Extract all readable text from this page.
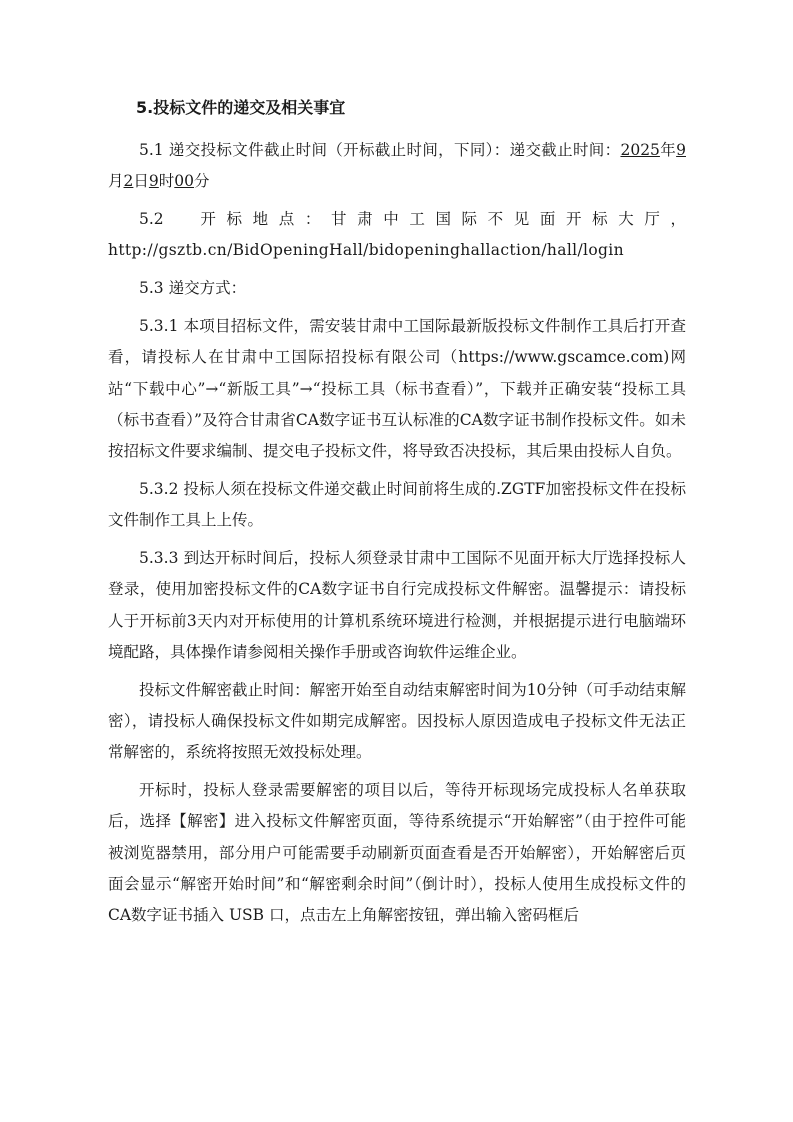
5.投标文件的递交及相关事宜

5.1 递交投标文件截止时间（开标截止时间，下同）：递交截止时间：2025年9月2日9时00分

5.2　开标地点：甘肃中工国际不见面开标大厅，

http://gsztb.cn/BidOpeningHall/bidopeninghallaction/hall/login

5.3 递交方式：

5.3.1 本项目招标文件，需安装甘肃中工国际最新版投标文件制作工具后打开查看，请投标人在甘肃中工国际招投标有限公司（https://www.gscamce.com)网站“下载中心”→“新版工具”→“投标工具（标书查看）”，下载并正确安装“投标工具（标书查看）”及符合甘肃省CA数字证书互认标准的CA数字证书制作投标文件。如未按招标文件要求编制、提交电子投标文件，将导致否决投标，其后果由投标人自负。

5.3.2 投标人须在投标文件递交截止时间前将生成的.ZGTF加密投标文件在投标文件制作工具上上传。

5.3.3 到达开标时间后，投标人须登录甘肃中工国际不见面开标大厅选择投标人登录，使用加密投标文件的CA数字证书自行完成投标文件解密。温馨提示：请投标人于开标前3天内对开标使用的计算机系统环境进行检测，并根据提示进行电脑端环境配路，具体操作请参阅相关操作手册或咨询软件运维企业。

投标文件解密截止时间：解密开始至自动结束解密时间为10分钟（可手动结束解密），请投标人确保投标文件如期完成解密。因投标人原因造成电子投标文件无法正常解密的，系统将按照无效投标处理。

开标时，投标人登录需要解密的项目以后，等待开标现场完成投标人名单获取后，选择【解密】进入投标文件解密页面，等待系统提示“开始解密”（由于控件可能被浏览器禁用，部分用户可能需要手动刷新页面查看是否开始解密），开始解密后页面会显示“解密开始时间”和“解密剩余时间”（倒计时），投标人使用生成投标文件的CA数字证书插入 USB 口，点击左上角解密按钮，弹出输入密码框后
